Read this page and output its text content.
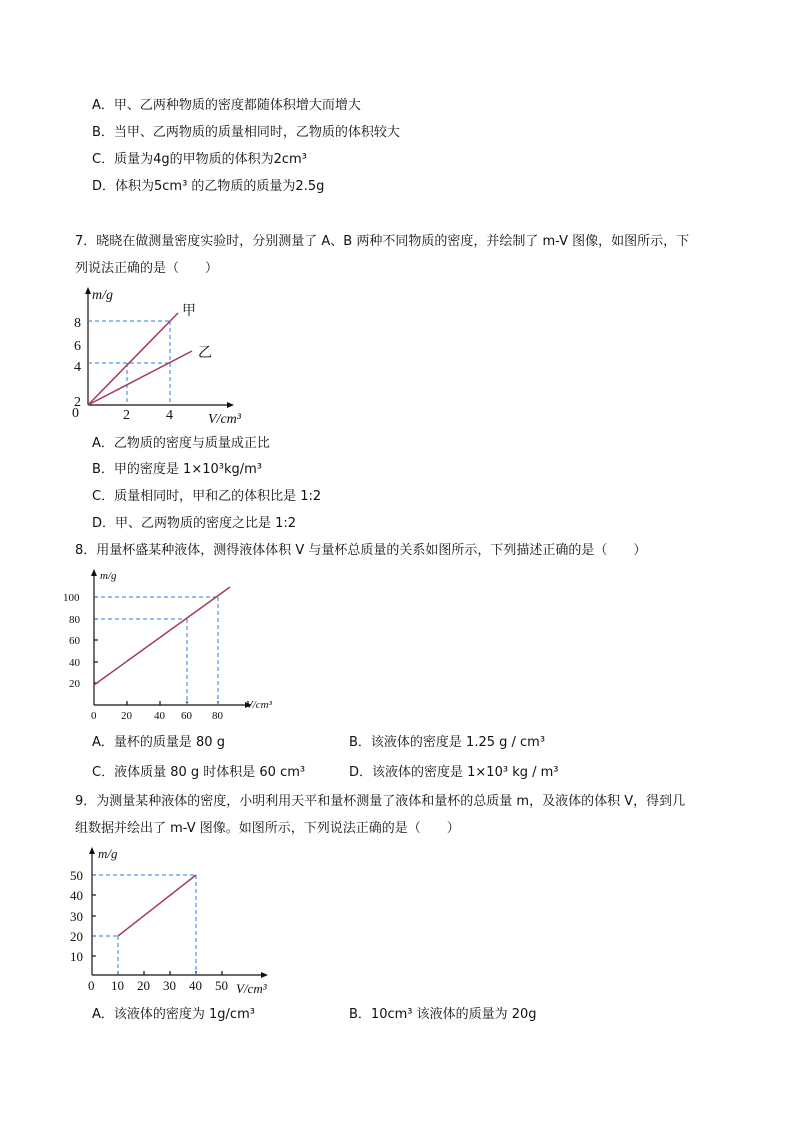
A．甲、乙两种物质的密度都随体积增大而增大
B．当甲、乙两物质的质量相同时，乙物质的体积较大
C．质量为4g的甲物质的体积为2cm³
D．体积为5cm³ 的乙物质的质量为2.5g
7．晓晓在做测量密度实验时，分别测量了 A、B 两种不同物质的密度，并绘制了 m-V 图像，如图所示，下
列说法正确的是（　　）
m/g
0
2
4
6
8
2	4	V/cm³
甲
乙
A．乙物质的密度与质量成正比
B．甲的密度是 1×10³kg/m³
C．质量相同时，甲和乙的体积比是 1:2
D．甲、乙两物质的密度之比是 1:2
8．用量杯盛某种液体，测得液体体积 V 与量杯总质量的关系如图所示，下列描述正确的是（　　）
m/g
20
40
60
80
100
0 20 40 60 80
V/cm³
A．量杯的质量是 80 g	B．该液体的密度是 1.25 g / cm³
C．液体质量 80 g 时体积是 60 cm³	D．该液体的密度是 1×10³ kg / m³
9．为测量某种液体的密度，小明利用天平和量杯测量了液体和量杯的总质量 m，及液体的体积 V，得到几
组数据并绘出了 m-V 图像。如图所示，下列说法正确的是（　　）
m/g
10
20
30
40
50
0 10 20 30 40 50 V/cm³
A．该液体的密度为 1g/cm³	B．10cm³ 该液体的质量为 20g
